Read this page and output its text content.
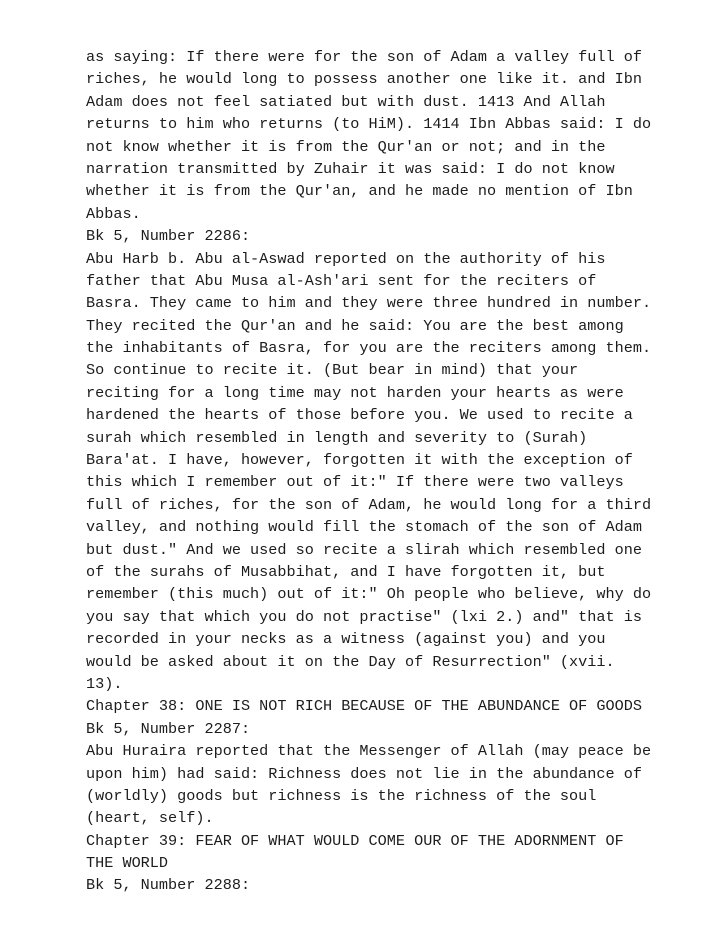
as saying: If there were for the son of Adam a valley full of
riches, he would long to possess another one like it. and Ibn
Adam does not feel satiated but with dust. 1413 And Allah
returns to him who returns (to HiM). 1414 Ibn Abbas said: I do
not know whether it is from the Qur'an or not; and in the
narration transmitted by Zuhair it was said: I do not know
whether it is from the Qur'an, and he made no mention of Ibn
Abbas.
Bk 5, Number 2286:
Abu Harb b. Abu al-Aswad reported on the authority of his
father that Abu Musa al-Ash'ari sent for the reciters of
Basra. They came to him and they were three hundred in number.
They recited the Qur'an and he said: You are the best among
the inhabitants of Basra, for you are the reciters among them.
So continue to recite it. (But bear in mind) that your
reciting for a long time may not harden your hearts as were
hardened the hearts of those before you. We used to recite a
surah which resembled in length and severity to (Surah)
Bara'at. I have, however, forgotten it with the exception of
this which I remember out of it:" If there were two valleys
full of riches, for the son of Adam, he would long for a third
valley, and nothing would fill the stomach of the son of Adam
but dust." And we used so recite a slirah which resembled one
of the surahs of Musabbihat, and I have forgotten it, but
remember (this much) out of it:" Oh people who believe, why do
you say that which you do not practise" (lxi 2.) and" that is
recorded in your necks as a witness (against you) and you
would be asked about it on the Day of Resurrection" (xvii.
13).
Chapter 38: ONE IS NOT RICH BECAUSE OF THE ABUNDANCE OF GOODS
Bk 5, Number 2287:
Abu Huraira reported that the Messenger of Allah (may peace be
upon him) had said: Richness does not lie in the abundance of
(worldly) goods but richness is the richness of the soul
(heart, self).
Chapter 39: FEAR OF WHAT WOULD COME OUR OF THE ADORNMENT OF
THE WORLD
Bk 5, Number 2288:
